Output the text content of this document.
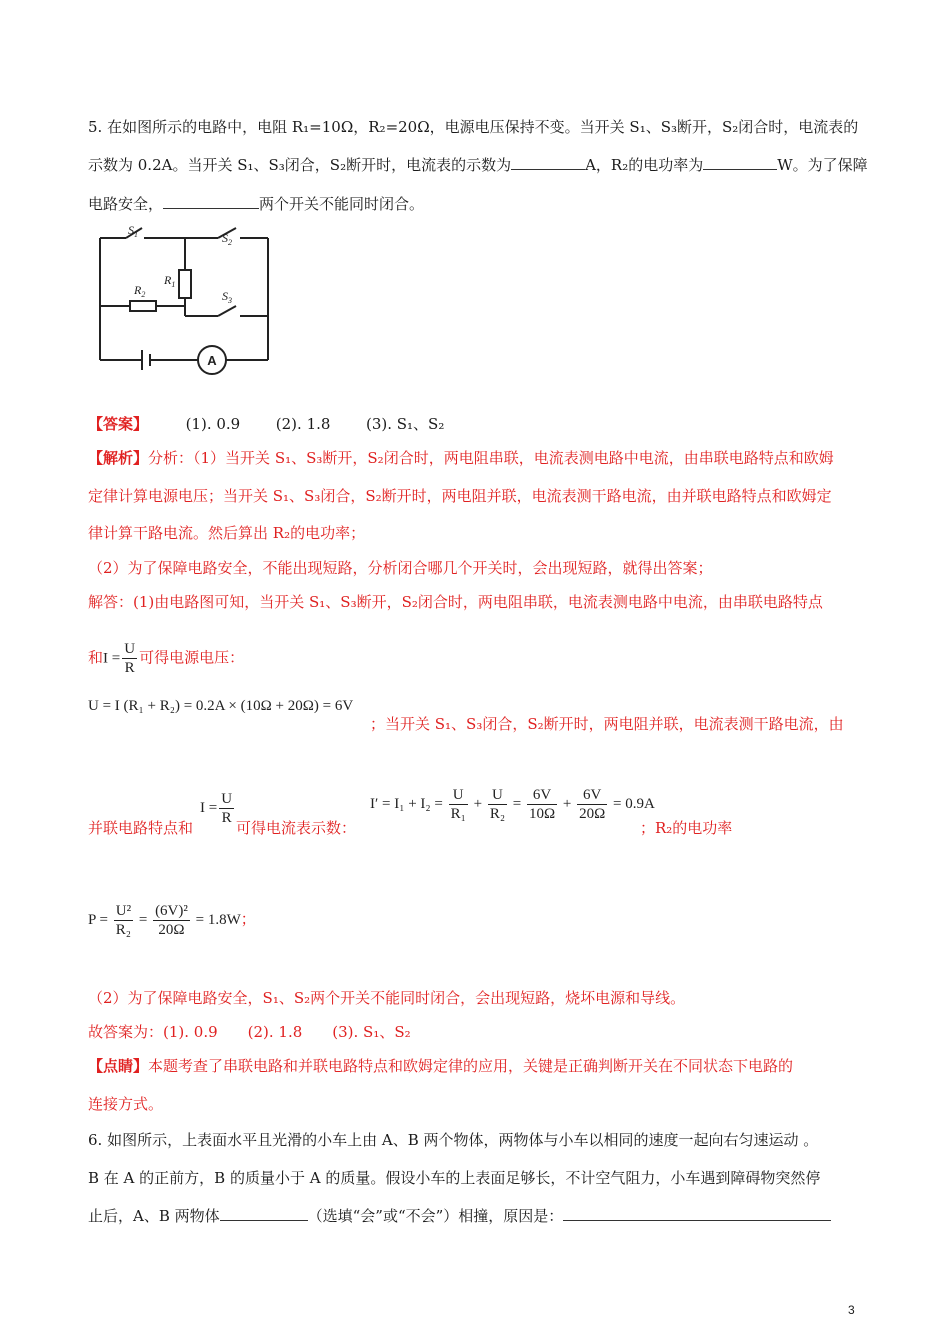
5. 在如图所示的电路中，电阻 R₁=10Ω，R₂=20Ω，电源电压保持不变。当开关 S₁、S₃断开，S₂闭合时，电流表的
示数为 0.2A。当开关 S₁、S₃闭合，S₂断开时，电流表的示数为	A，R₂的电功率为	W。为了保障
电路安全，	两个开关不能同时闭合。
$S_1$	$S_2$
$S_3$
$R_1$
$R_2$
A
【答案】	(1). 0.9 (2). 1.8 (3). S₁、S₂
【解析】分析：（1）当开关 S₁、S₃断开，S₂闭合时，两电阻串联，电流表测电路中电流，由串联电路特点和欧姆
定律计算电源电压；当开关 S₁、S₃闭合，S₂断开时，两电阻并联，电流表测干路电流，由并联电路特点和欧姆定
律计算干路电流。然后算出 R₂的电功率；
（2）为了保障电路安全，不能出现短路，分析闭合哪几个开关时，会出现短路，就得出答案；
解答：(1)由电路图可知，当开关 S₁、S₃断开，S₂闭合时，两电阻串联，电流表测电路中电流，由串联电路特点
和$I = \frac{U}{R}$ 可得电源电压：
U = I (R₁ + R₂) = 0.2A × (10Ω + 20Ω) = 6V
；当开关 S₁、S₃闭合，S₂断开时，两电阻并联，电流表测干路电流，由
并联电路特点和
$I = \frac{U}{R}$
可得电流表示数：
$I' = I_1 + I_2 = \frac{U}{\text{R₁}} + \frac{U}{\text{R₂}} = \frac{6V}{10\Omega} + \frac{6V}{20\Omega} = 0.9A$
；R₂的电功率
$P = \frac{\text{U²}}{\text{R₂}} = \frac{\text{(6V)²}}{20\Omega} = 1.8W$；
（2）为了保障电路安全，S₁、S₂两个开关不能同时闭合，会出现短路，烧坏电源和导线。
故答案为：(1). 0.9　　(2). 1.8　　(3). S₁、S₂
【点睛】本题考查了串联电路和并联电路特点和欧姆定律的应用，关键是正确判断开关在不同状态下电路的
连接方式。
6. 如图所示，上表面水平且光滑的小车上由 A、B 两个物体，两物体与小车以相同的速度一起向右匀速运动 。
B 在 A 的正前方，B 的质量小于 A 的质量。假设小车的上表面足够长，不计空气阻力，小车遇到障碍物突然停
止后，A、B 两物体	（选填“会”或“不会”）相撞，原因是：
3
